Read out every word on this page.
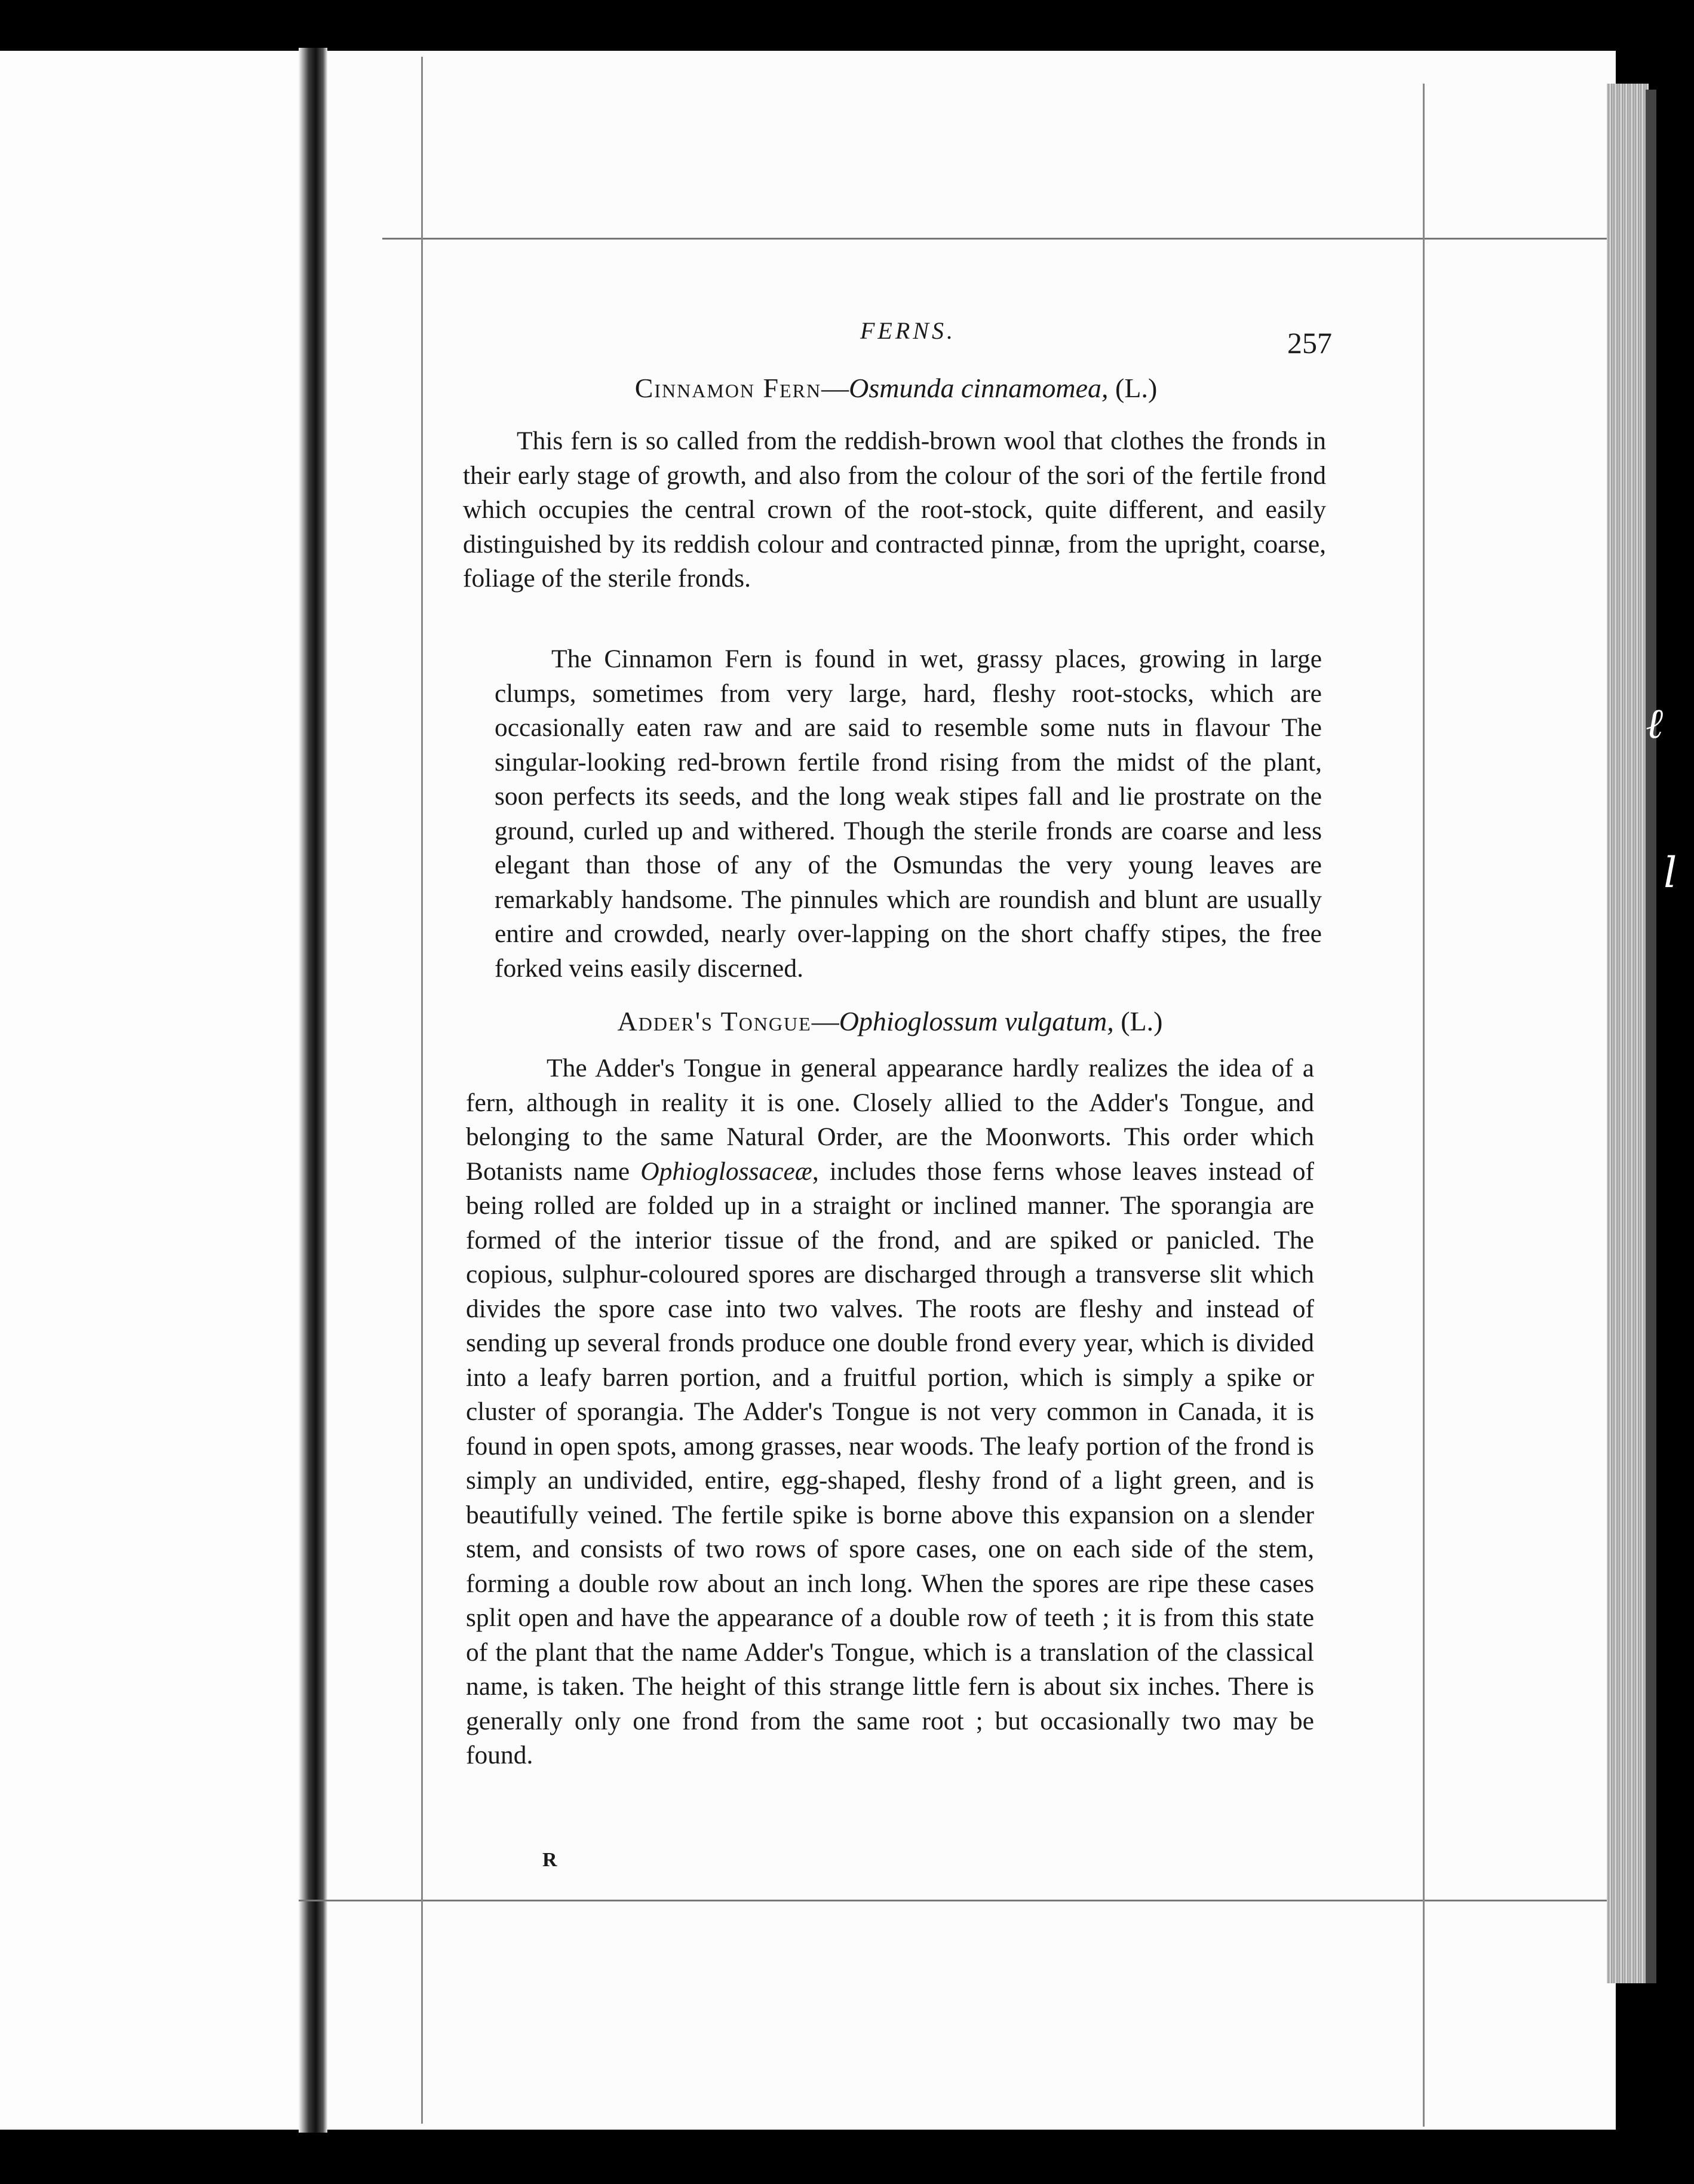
FERNS.	257
Cinnamon Fern—Osmunda cinnamomea, (L.)

This fern is so called from the reddish-brown wool that clothes the fronds in their early stage of growth, and also from the colour of the sori of the fertile frond which occupies the central crown of the root-stock, quite different, and easily distinguished by its reddish colour and contracted pinnæ, from the upright, coarse, foliage of the sterile fronds.

The Cinnamon Fern is found in wet, grassy places, growing in large clumps, sometimes from very large, hard, fleshy root-stocks, which are occasionally eaten raw and are said to resemble some nuts in flavour The singular-looking red-brown fertile frond rising from the midst of the plant, soon perfects its seeds, and the long weak stipes fall and lie prostrate on the ground, curled up and withered. Though the sterile fronds are coarse and less elegant than those of any of the Osmundas the very young leaves are remarkably handsome. The pinnules which are roundish and blunt are usually entire and crowded, nearly over-lapping on the short chaffy stipes, the free forked veins easily discerned.

Adder's Tongue—Ophioglossum vulgatum, (L.)

The Adder's Tongue in general appearance hardly realizes the idea of a fern, although in reality it is one. Closely allied to the Adder's Tongue, and belonging to the same Natural Order, are the Moonworts. This order which Botanists name Ophioglossaceæ, includes those ferns whose leaves instead of being rolled are folded up in a straight or inclined manner. The sporangia are formed of the interior tissue of the frond, and are spiked or panicled. The copious, sulphur-coloured spores are discharged through a transverse slit which divides the spore case into two valves. The roots are fleshy and instead of sending up several fronds produce one double frond every year, which is divided into a leafy barren portion, and a fruitful portion, which is simply a spike or cluster of sporangia. The Adder's Tongue is not very common in Canada, it is found in open spots, among grasses, near woods. The leafy portion of the frond is simply an undivided, entire, egg-shaped, fleshy frond of a light green, and is beautifully veined. The fertile spike is borne above this expansion on a slender stem, and consists of two rows of spore cases, one on each side of the stem, forming a double row about an inch long. When the spores are ripe these cases split open and have the appearance of a double row of teeth ; it is from this state of the plant that the name Adder's Tongue, which is a translation of the classical name, is taken. The height of this strange little fern is about six inches. There is generally only one frond from the same root ; but occasionally two may be found.

R
ℓ
l
